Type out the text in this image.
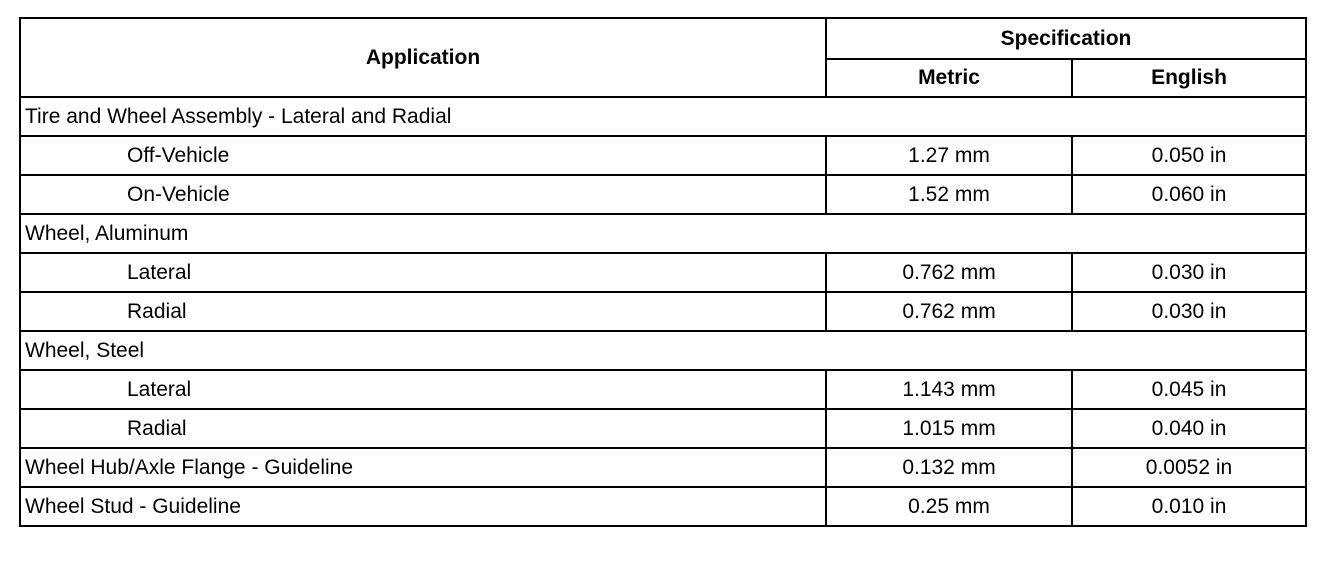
Application	Specification	
	Metric	English
Tire and Wheel Assembly - Lateral and Radial		
Off-Vehicle	1.27 mm	0.050 in
On-Vehicle	1.52 mm	0.060 in
Wheel, Aluminum		
Lateral	0.762 mm	0.030 in
Radial	0.762 mm	0.030 in
Wheel, Steel		
Lateral	1.143 mm	0.045 in
Radial	1.015 mm	0.040 in
Wheel Hub/Axle Flange - Guideline	0.132 mm	0.0052 in
Wheel Stud - Guideline	0.25 mm	0.010 in
